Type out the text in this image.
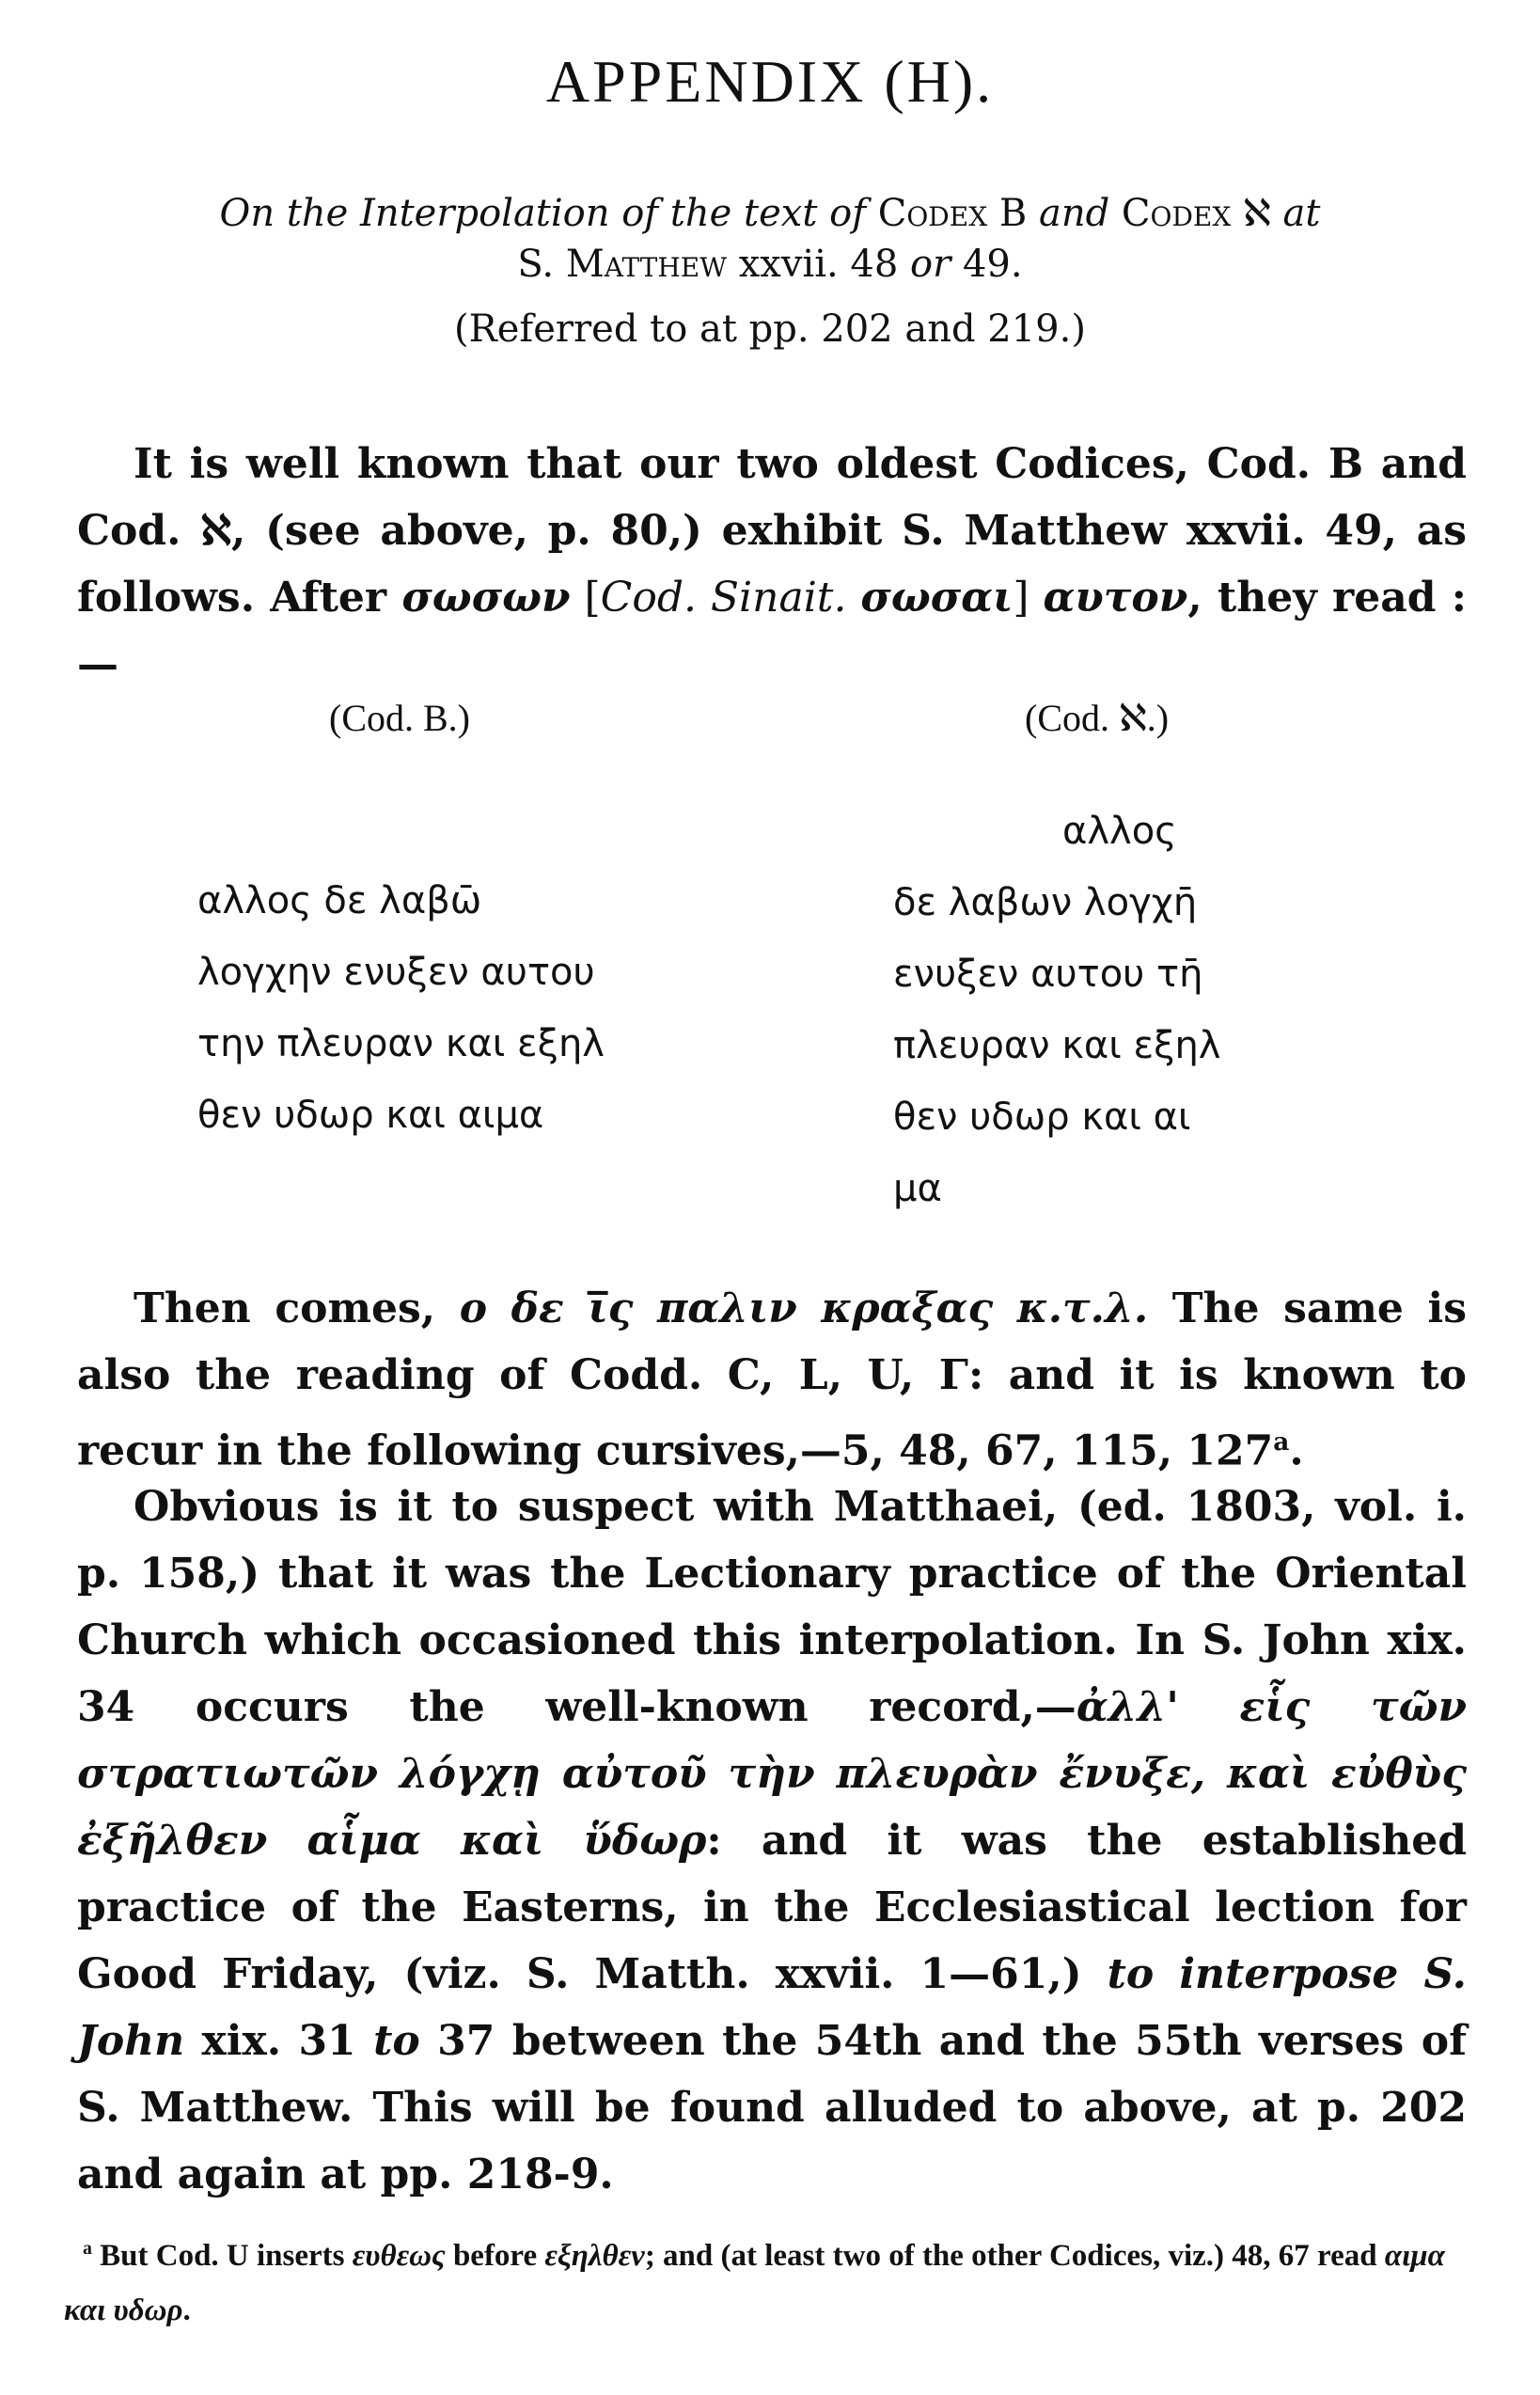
APPENDIX (H).
On the Interpolation of the text of Codex B and Codex ℵ at
S. Matthew xxvii. 48 or 49.
(Referred to at pp. 202 and 219.)

It is well known that our two oldest Codices, Cod. B and Cod. ℵ, (see above, p. 80,) exhibit S. Matthew xxvii. 49, as follows. After σωσων [Cod. Sinait. σωσαι] αυτον, they read :—

(Cod. B.)	(Cod. ℵ.)
αλλος δε λαβω̄
λογχην ενυξεν αυτου
την πλευραν και εξηλ
θεν υδωρ και αιμα
αλλος
δε λαβων λογχη̄
ενυξεν αυτου τη̄
πλευραν και εξηλ
θεν υδωρ και αι
μα

Then comes, ο δε ι̅ς παλιν κραξας κ.τ.λ. The same is also the reading of Codd. C, L, U, Γ: and it is known to recur in the following cursives,—5, 48, 67, 115, 127$^a$.

Obvious is it to suspect with Matthaei, (ed. 1803, vol. i. p. 158,) that it was the Lectionary practice of the Oriental Church which occasioned this interpolation. In S. John xix. 34 occurs the well-known record,—ἀλλ' εἷς τῶν στρατιωτῶν λόγχῃ αὐτοῦ τὴν πλευρὰν ἔνυξε, καὶ εὐθὺς ἐξῆλθεν αἷμα καὶ ὕδωρ: and it was the established practice of the Easterns, in the Ecclesiastical lection for Good Friday, (viz. S. Matth. xxvii. 1—61,) to interpose S. John xix. 31 to 37 between the 54th and the 55th verses of S. Matthew. This will be found alluded to above, at p. 202 and again at pp. 218-9.

$^a$ But Cod. U inserts ευθεως before εξηλθεν; and (at least two of the other Codices, viz.) 48, 67 read αιμα και υδωρ.
